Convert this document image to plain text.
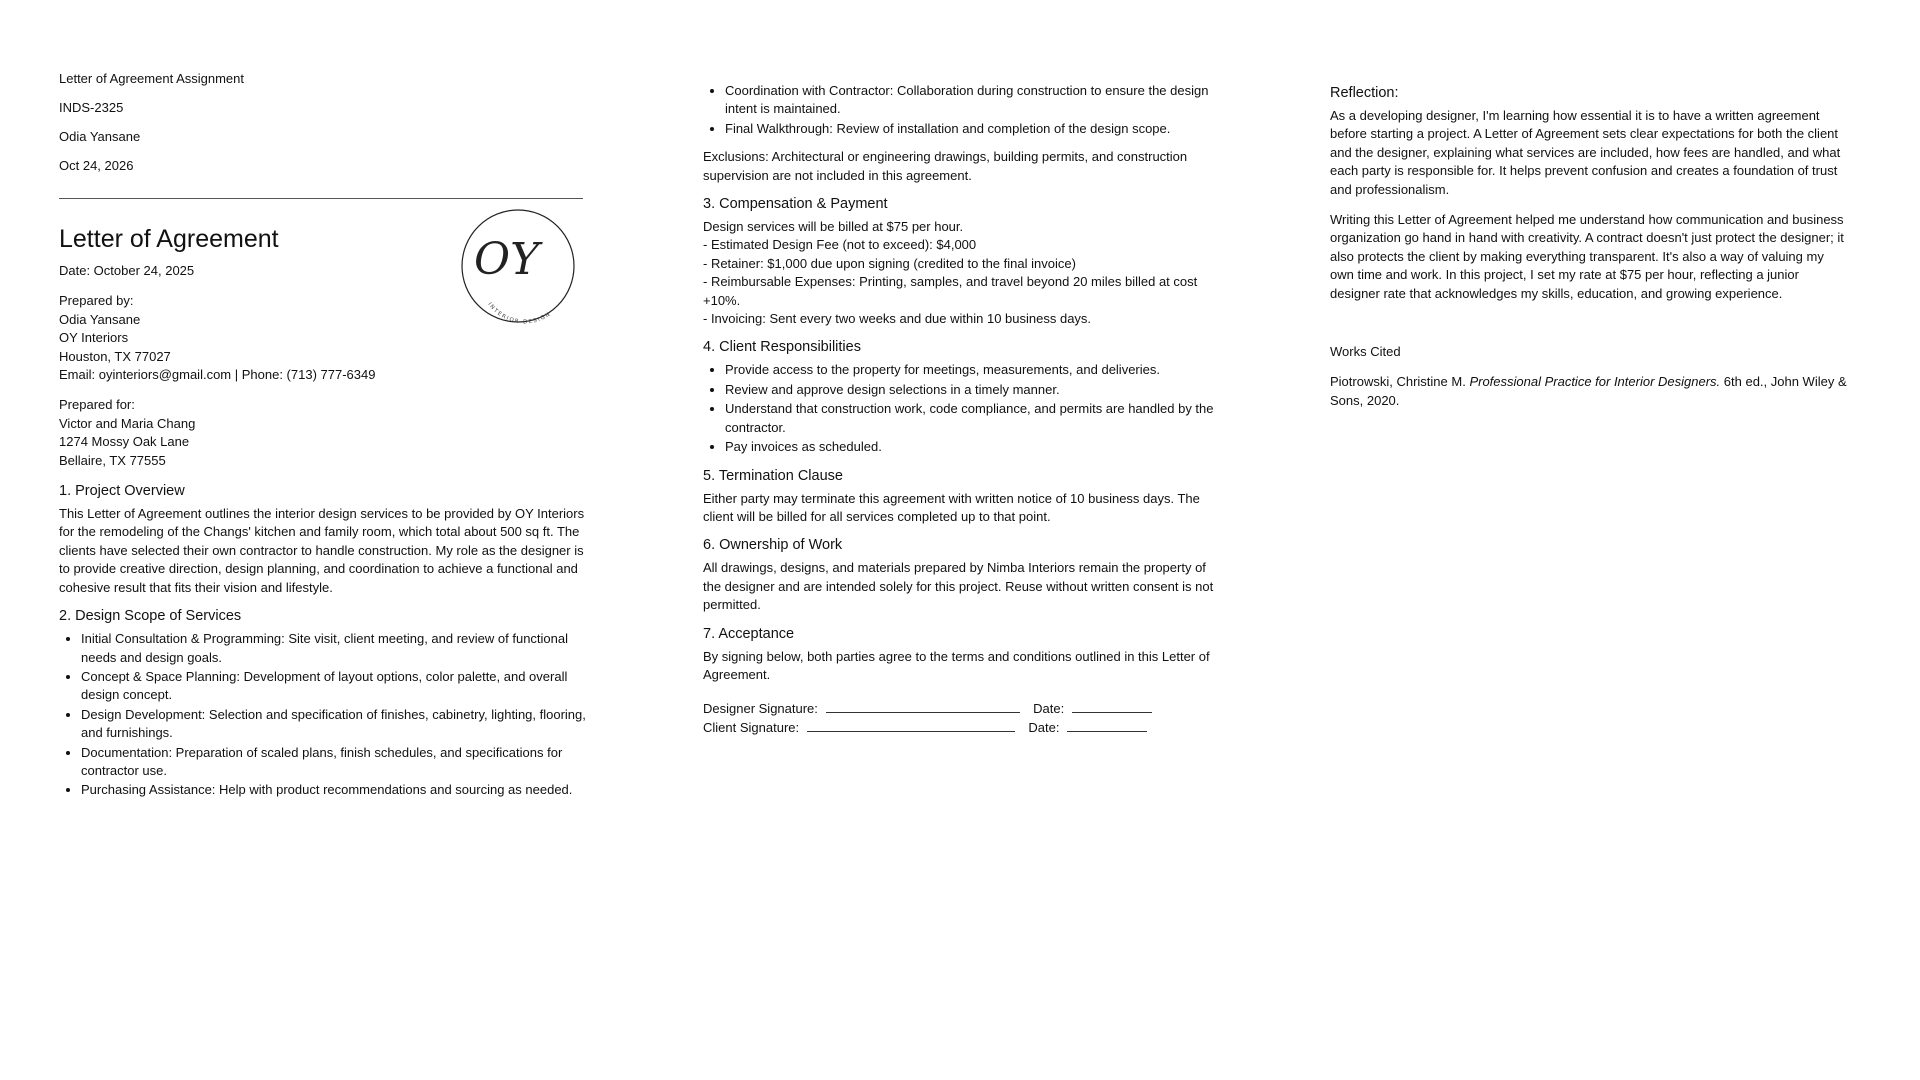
Letter of Agreement Assignment
INDS-2325
Odia Yansane
Oct 24, 2026
Letter of Agreement	OY
INTERIOR DESIGN

Date: October 24, 2025

Prepared by:

Odia Yansane

OY Interiors

Houston, TX 77027

Email: oyinteriors@gmail.com | Phone: (713) 777-6349

Prepared for:

Victor and Maria Chang

1274 Mossy Oak Lane

Bellaire, TX 77555

1. Project Overview

This Letter of Agreement outlines the interior design services to be provided by OY Interiors for the remodeling of the Changs' kitchen and family room, which total about 500 sq ft. The clients have selected their own contractor to handle construction. My role as the designer is to provide creative direction, design planning, and coordination to achieve a functional and cohesive result that fits their vision and lifestyle.

2. Design Scope of Services
• Initial Consultation & Programming: Site visit, client meeting, and review of functional needs and design goals.
• Concept & Space Planning: Development of layout options, color palette, and overall design concept.
• Design Development: Selection and specification of finishes, cabinetry, lighting, flooring, and furnishings.
• Documentation: Preparation of scaled plans, finish schedules, and specifications for contractor use.
• Purchasing Assistance: Help with product recommendations and sourcing as needed.
• Coordination with Contractor: Collaboration during construction to ensure the design intent is maintained.
• Final Walkthrough: Review of installation and completion of the design scope.

Exclusions: Architectural or engineering drawings, building permits, and construction supervision are not included in this agreement.

3. Compensation & Payment

Design services will be billed at $75 per hour.

- Estimated Design Fee (not to exceed): $4,000

- Retainer: $1,000 due upon signing (credited to the final invoice)

- Reimbursable Expenses: Printing, samples, and travel beyond 20 miles billed at cost +10%.

- Invoicing: Sent every two weeks and due within 10 business days.

4. Client Responsibilities
• Provide access to the property for meetings, measurements, and deliveries.
• Review and approve design selections in a timely manner.
• Understand that construction work, code compliance, and permits are handled by the contractor.
• Pay invoices as scheduled.
5. Termination Clause

Either party may terminate this agreement with written notice of 10 business days. The client will be billed for all services completed up to that point.

6. Ownership of Work

All drawings, designs, and materials prepared by Nimba Interiors remain the property of the designer and are intended solely for this project. Reuse without written consent is not permitted.

7. Acceptance

By signing below, both parties agree to the terms and conditions outlined in this Letter of Agreement.

Designer Signature:	Date:
Client Signature:	Date:
Reflection:

As a developing designer, I'm learning how essential it is to have a written agreement before starting a project. A Letter of Agreement sets clear expectations for both the client and the designer, explaining what services are included, how fees are handled, and what each party is responsible for. It helps prevent confusion and creates a foundation of trust and professionalism.

Writing this Letter of Agreement helped me understand how communication and business organization go hand in hand with creativity. A contract doesn't just protect the designer; it also protects the client by making everything transparent. It's also a way of valuing my own time and work. In this project, I set my rate at $75 per hour, reflecting a junior designer rate that acknowledges my skills, education, and growing experience.

Works Cited

Piotrowski, Christine M. Professional Practice for Interior Designers. 6th ed., John Wiley & Sons, 2020.
